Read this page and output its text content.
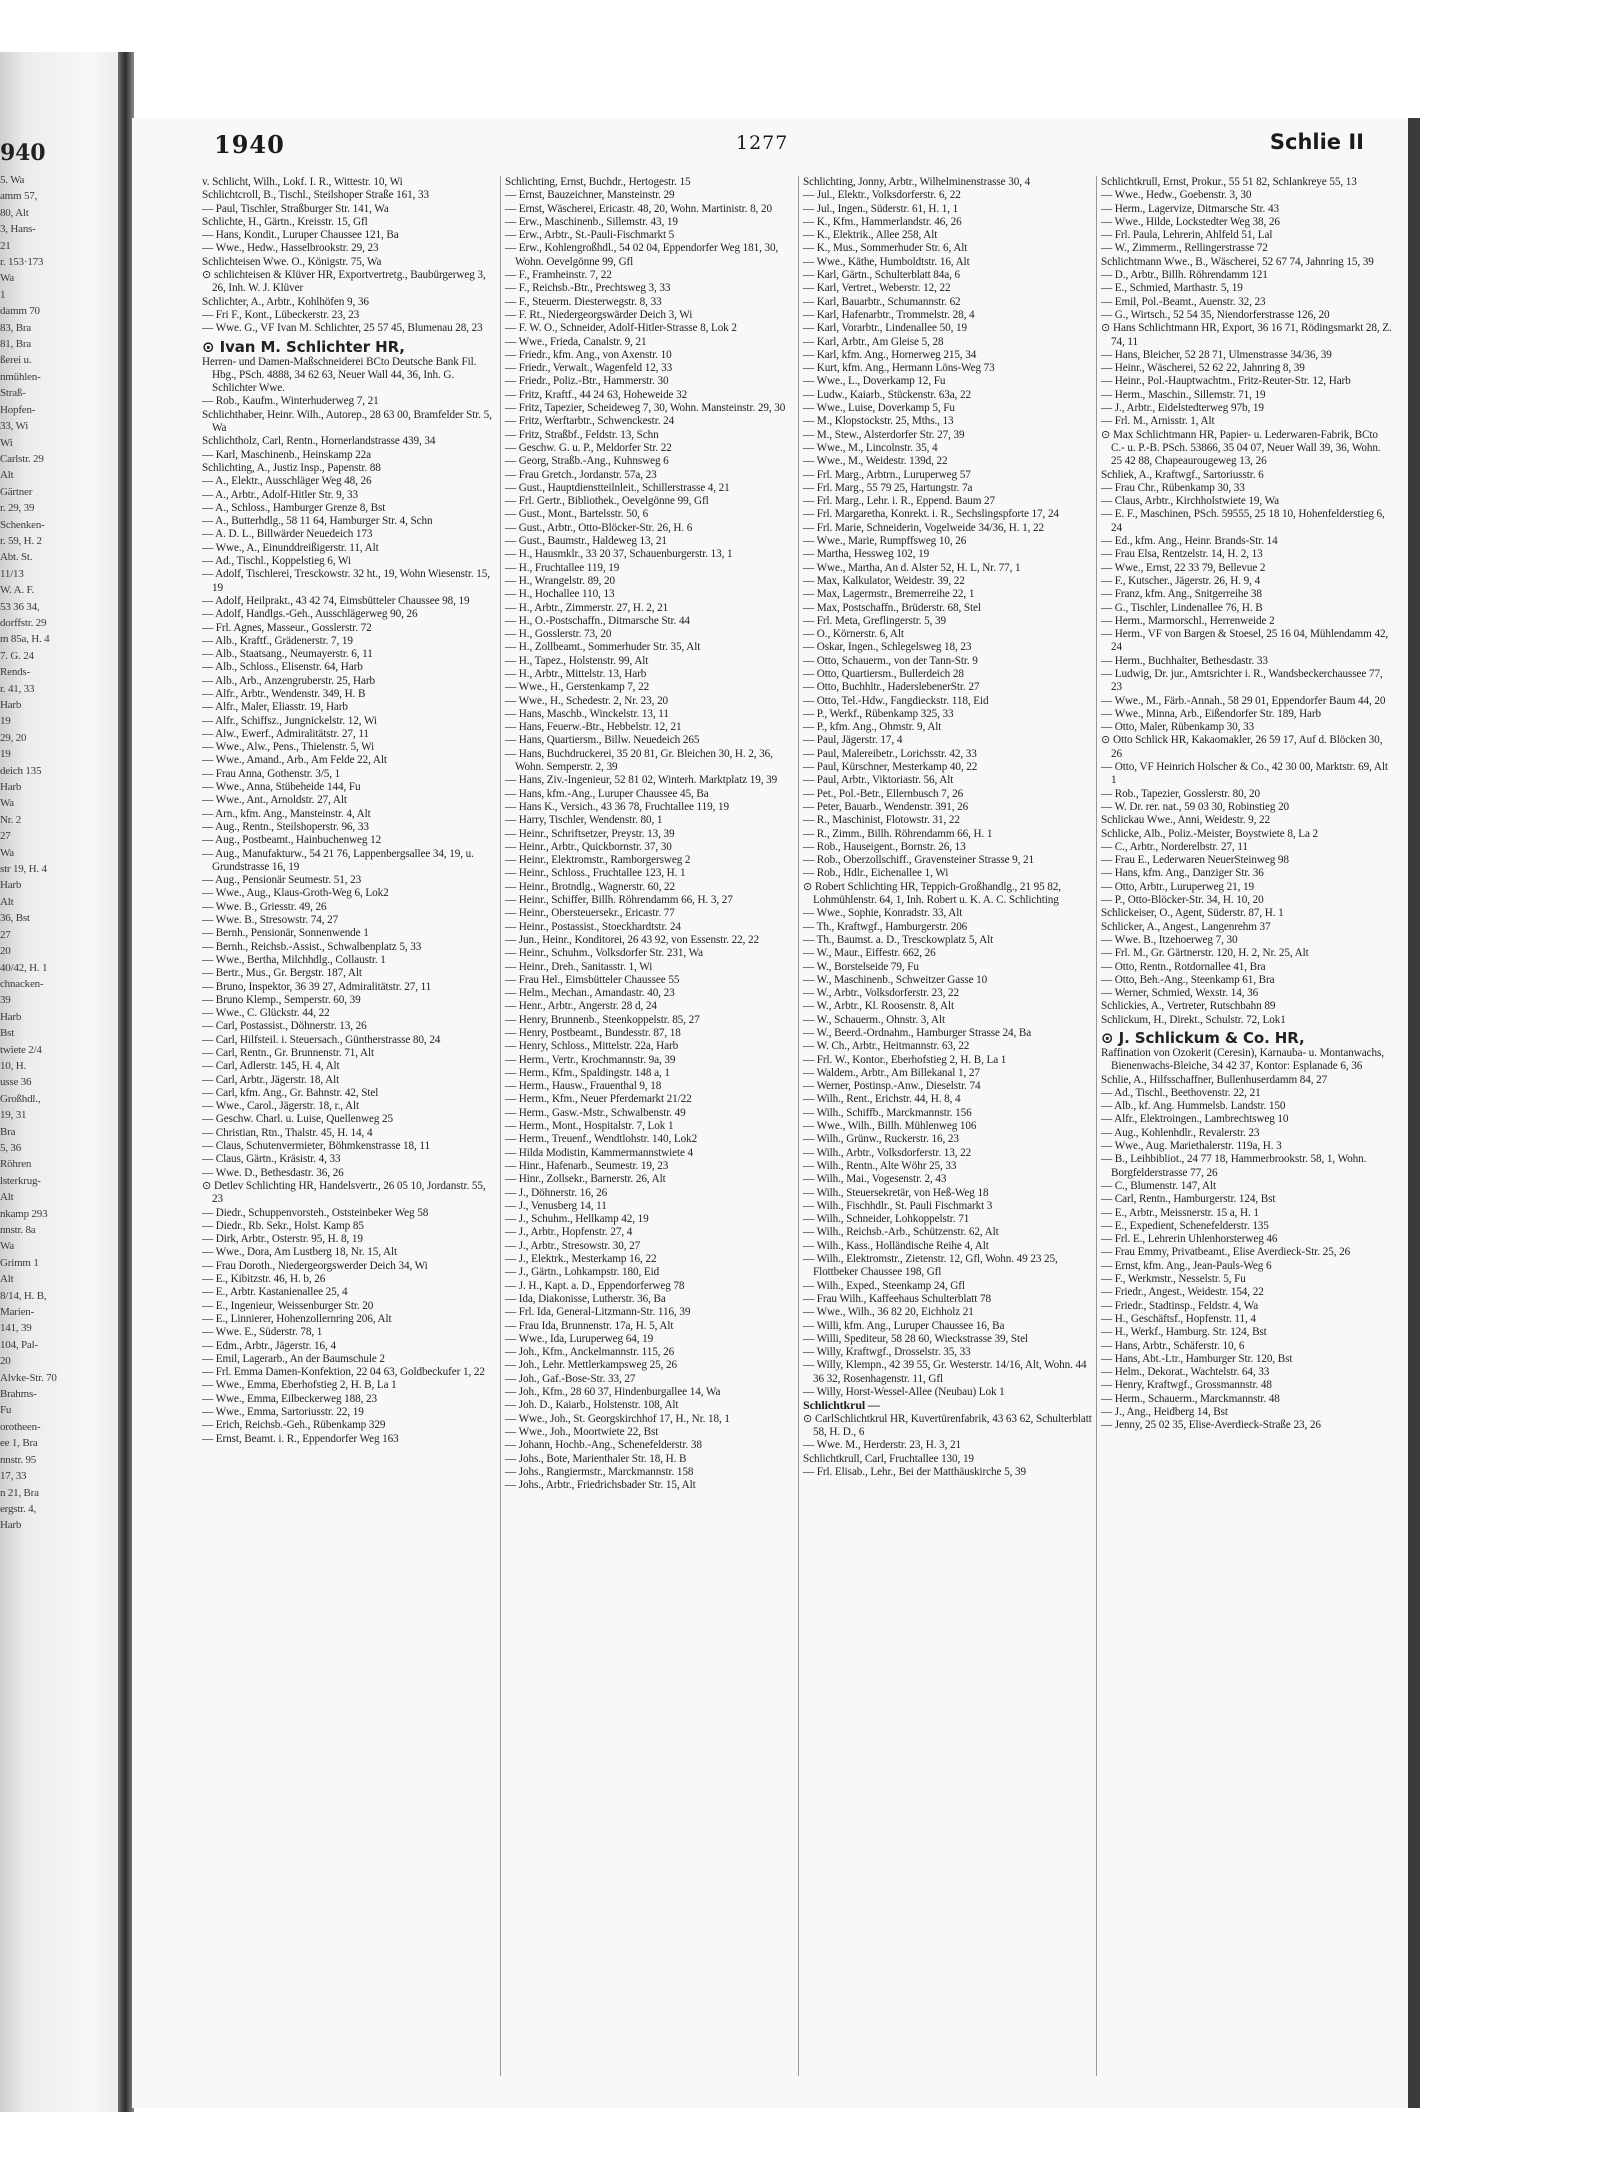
940
5. Wa
amm 57,
80, Alt
3, Hans-
21
r. 153·173
Wa
1
damm 70
83, Bra
81, Bra
ßerei u.
nmühlen-
Straß-
Hopfen-
33, Wi
Wi
Carlstr. 29
Alt
Gärtner
r. 29, 39
Schenken-
r. 59, H. 2
Abt. St.
11/13
W. A. F.
53 36 34,
dorffstr. 29
m 85a, H. 4
7. G. 24
Rends-
r. 41, 33
Harb
19
29, 20
19
deich 135
Harb
Wa
Nr. 2
27
Wa
str 19, H. 4
Harb
Alt
36, Bst
27
20
40/42, H. 1
chnacken-
39
Harb
Bst
twiete 2/4
10, H.
usse 36
Großhdl.,
19, 31
Bra
5, 36
Röhren
lsterkrug-
Alt
nkamp 293
nnstr. 8a
Wa
Grimm 1
Alt
8/14, H. B,
Marien-
141, 39
104, Pal-
20
Alvke-Str. 70
Brahms-
Fu
orotheen-
ee 1, Bra
nnstr. 95
17, 33
n 21, Bra
ergstr. 4,
Harb
1940	1277	Schlie II
v. Schlicht, Wilh., Lokf. I. R., Wittestr. 10, Wi
Schlichtcroll, B., Tischl., Steilshoper Straße 161, 33
— Paul, Tischler, Straßburger Str. 141, Wa
Schlichte, H., Gärtn., Kreisstr. 15, Gfl
— Hans, Kondit., Luruper Chaussee 121, Ba
— Wwe., Hedw., Hasselbrookstr. 29, 23
Schlichteisen Wwe. O., Königstr. 75, Wa
⊙ schlichteisen & Klüver HR, Exportvertretg., Baubürgerweg 3, 26, Inh. W. J. Klüver
Schlichter, A., Arbtr., Kohlhöfen 9, 36
— Fri F., Kont., Lübeckerstr. 23, 23
— Wwe. G., VF Ivan M. Schlichter, 25 57 45, Blumenau 28, 23
⊙ Ivan M. Schlichter HR,
Herren- und Damen-Maßschneiderei BCto Deutsche Bank Fil. Hbg., PSch. 4888, 34 62 63, Neuer Wall 44, 36, Inh. G. Schlichter Wwe.
— Rob., Kaufm., Winterhuderweg 7, 21
Schlichthaber, Heinr. Wilh., Autorep., 28 63 00, Bramfelder Str. 5, Wa
Schlichtholz, Carl, Rentn., Hornerlandstrasse 439, 34
— Karl, Maschinenb., Heinskamp 22a
Schlichting, A., Justiz Insp., Papenstr. 88
— A., Elektr., Ausschläger Weg 48, 26
— A., Arbtr., Adolf-Hitler Str. 9, 33
— A., Schloss., Hamburger Grenze 8, Bst
— A., Butterhdlg., 58 11 64, Hamburger Str. 4, Schn
— A. D. L., Billwärder Neuedeich 173
— Wwe., A., Einunddreißigerstr. 11, Alt
— Ad., Tischl., Koppelstieg 6, Wi
— Adolf, Tischlerei, Tresckowstr. 32 ht., 19, Wohn Wiesenstr. 15, 19
— Adolf, Heilprakt., 43 42 74, Eimsbütteler Chaussee 98, 19
— Adolf, Handlgs.-Geh., Ausschlägerweg 90, 26
— Frl. Agnes, Masseur., Gosslerstr. 72
— Alb., Kraftf., Grädenerstr. 7, 19
— Alb., Staatsang., Neumayerstr. 6, 11
— Alb., Schloss., Elisenstr. 64, Harb
— Alb., Arb., Anzengruberstr. 25, Harb
— Alfr., Arbtr., Wendenstr. 349, H. B
— Alfr., Maler, Eliasstr. 19, Harb
— Alfr., Schiffsz., Jungnickelstr. 12, Wi
— Alw., Ewerf., Admiralitätstr. 27, 11
— Wwe., Alw., Pens., Thielenstr. 5, Wi
— Wwe., Amand., Arb., Am Felde 22, Alt
— Frau Anna, Gothenstr. 3/5, 1
— Wwe., Anna, Stübeheide 144, Fu
— Wwe., Ant., Arnoldstr. 27, Alt
— Arn., kfm. Ang., Mansteinstr. 4, Alt
— Aug., Rentn., Steilshoperstr. 96, 33
— Aug., Postbeamt., Hainbuchenweg 12
— Aug., Manufakturw., 54 21 76, Lappenbergsallee 34, 19, u. Grundstrasse 16, 19
— Aug., Pensionär Seumestr. 51, 23
— Wwe., Aug., Klaus-Groth-Weg 6, Lok2
— Wwe. B., Griesstr. 49, 26
— Wwe. B., Stresowstr. 74, 27
— Bernh., Pensionär, Sonnenwende 1
— Bernh., Reichsb.-Assist., Schwalbenplatz 5, 33
— Wwe., Bertha, Milchhdlg., Collaustr. 1
— Bertr., Mus., Gr. Bergstr. 187, Alt
— Bruno, Inspektor, 36 39 27, Admiralitätstr. 27, 11
— Bruno Klemp., Semperstr. 60, 39
— Wwe., C. Glückstr. 44, 22
— Carl, Postassist., Döhnerstr. 13, 26
— Carl, Hilfsteil. i. Steuersach., Güntherstrasse 80, 24
— Carl, Rentn., Gr. Brunnenstr. 71, Alt
— Carl, Adlerstr. 145, H. 4, Alt
— Carl, Arbtr., Jägerstr. 18, Alt
— Carl, kfm. Ang., Gr. Bahnstr. 42, Stel
— Wwe., Carol., Jägerstr. 18, r., Alt
— Geschw. Charl. u. Luise, Quellenweg 25
— Christian, Rtn., Thalstr. 45, H. 14, 4
— Claus, Schutenvermieter, Böhmkenstrasse 18, 11
— Claus, Gärtn., Kräsistr. 4, 33
— Wwe. D., Bethesdastr. 36, 26
⊙ Detlev Schlichting HR, Handelsvertr., 26 05 10, Jordanstr. 55, 23
— Diedr., Schuppenvorsteh., Oststeinbeker Weg 58
— Diedr., Rb. Sekr., Holst. Kamp 85
— Dirk, Arbtr., Osterstr. 95, H. 8, 19
— Wwe., Dora, Am Lustberg 18, Nr. 15, Alt
— Frau Doroth., Niedergeorgswerder Deich 34, Wi
— E., Kibitzstr. 46, H. b, 26
— E., Arbtr. Kastanienallee 25, 4
— E., Ingenieur, Weissenburger Str. 20
— E., Linnierer, Hohenzollernring 206, Alt
— Wwe. E., Süderstr. 78, 1
— Edm., Arbtr., Jägerstr. 16, 4
— Emil, Lagerarb., An der Baumschule 2
— Frl. Emma Damen-Konfektion, 22 04 63, Goldbeckufer 1, 22
— Wwe., Emma, Eberhofstieg 2, H. B, La 1
— Wwe., Emma, Eilbeckerweg 188, 23
— Wwe., Emma, Sartoriusstr. 22, 19
— Erich, Reichsb.-Geh., Rübenkamp 329
— Ernst, Beamt. i. R., Eppendorfer Weg 163
Schlichting, Ernst, Buchdr., Hertogestr. 15
— Ernst, Bauzeichner, Mansteinstr. 29
— Ernst, Wäscherei, Ericastr. 48, 20, Wohn. Martinistr. 8, 20
— Erw., Maschinenb., Sillemstr. 43, 19
— Erw., Arbtr., St.-Pauli-Fischmarkt 5
— Erw., Kohlengroßhdl., 54 02 04, Eppendorfer Weg 181, 30, Wohn. Oevelgönne 99, Gfl
— F., Framheinstr. 7, 22
— F., Reichsb.-Btr., Prechtsweg 3, 33
— F., Steuerm. Diesterwegstr. 8, 33
— F. Rt., Niedergeorgswärder Deich 3, Wi
— F. W. O., Schneider, Adolf-Hitler-Strasse 8, Lok 2
— Wwe., Frieda, Canalstr. 9, 21
— Friedr., kfm. Ang., von Axenstr. 10
— Friedr., Verwalt., Wagenfeld 12, 33
— Friedr., Poliz.-Btr., Hammerstr. 30
— Fritz, Kraftf., 44 24 63, Hoheweide 32
— Fritz, Tapezier, Scheideweg 7, 30, Wohn. Mansteinstr. 29, 30
— Fritz, Werftarbtr., Schwenckestr. 24
— Fritz, Straßbf., Feldstr. 13, Schn
— Geschw. G. u. P., Meldorfer Str. 22
— Georg, Straßb.-Ang., Kuhnsweg 6
— Frau Gretch., Jordanstr. 57a, 23
— Gust., Hauptdienstteilnleit., Schillerstrasse 4, 21
— Frl. Gertr., Bibliothek., Oevelgönne 99, Gfl
— Gust., Mont., Bartelsstr. 50, 6
— Gust., Arbtr., Otto-Blöcker-Str. 26, H. 6
— Gust., Baumstr., Haldeweg 13, 21
— H., Hausmklr., 33 20 37, Schauenburgerstr. 13, 1
— H., Fruchtallee 119, 19
— H., Wrangelstr. 89, 20
— H., Hochallee 110, 13
— H., Arbtr., Zimmerstr. 27, H. 2, 21
— H., O.-Postschaffn., Ditmarsche Str. 44
— H., Gosslerstr. 73, 20
— H., Zollbeamt., Sommerhuder Str. 35, Alt
— H., Tapez., Holstenstr. 99, Alt
— H., Arbtr., Mittelstr. 13, Harb
— Wwe., H., Gerstenkamp 7, 22
— Wwe., H., Schedestr. 2, Nr. 23, 20
— Hans, Maschb., Winckelstr. 13, 11
— Hans, Feuerw.-Btr., Hebbelstr. 12, 21
— Hans, Quartiersm., Billw. Neuedeich 265
— Hans, Buchdruckerei, 35 20 81, Gr. Bleichen 30, H. 2, 36, Wohn. Semperstr. 2, 39
— Hans, Ziv.-Ingenieur, 52 81 02, Winterh. Marktplatz 19, 39
— Hans, kfm.-Ang., Luruper Chaussee 45, Ba
— Hans K., Versich., 43 36 78, Fruchtallee 119, 19
— Harry, Tischler, Wendenstr. 80, 1
— Heinr., Schriftsetzer, Preystr. 13, 39
— Heinr., Arbtr., Quickbornstr. 37, 30
— Heinr., Elektromstr., Ramborgersweg 2
— Heinr., Schloss., Fruchtallee 123, H. 1
— Heinr., Brotndlg., Wagnerstr. 60, 22
— Heinr., Schiffer, Billh. Röhrendamm 66, H. 3, 27
— Heinr., Obersteuersekr., Ericastr. 77
— Heinr., Postassist., Stoeckhardtstr. 24
— Jun., Heinr., Konditorei, 26 43 92, von Essenstr. 22, 22
— Heinr., Schuhm., Volksdorfer Str. 231, Wa
— Heinr., Dreh., Sanitasstr. 1, Wi
— Frau Hel., Eimsbütteler Chaussee 55
— Helm., Mechan., Amandastr. 40, 23
— Henr., Arbtr., Angerstr. 28 d, 24
— Henry, Brunnenb., Steenkoppelstr. 85, 27
— Henry, Postbeamt., Bundesstr. 87, 18
— Henry, Schloss., Mittelstr. 22a, Harb
— Herm., Vertr., Krochmannstr. 9a, 39
— Herm., Kfm., Spaldingstr. 148 a, 1
— Herm., Hausw., Frauenthal 9, 18
— Herm., Kfm., Neuer Pferdemarkt 21/22
— Herm., Gasw.-Mstr., Schwalbenstr. 49
— Herm., Mont., Hospitalstr. 7, Lok 1
— Herm., Treuenf., Wendtlohstr. 140, Lok2
— Hilda Modistin, Kammermannstwiete 4
— Hinr., Hafenarb., Seumestr. 19, 23
— Hinr., Zollsekr., Barnerstr. 26, Alt
— J., Döhnerstr. 16, 26
— J., Venusberg 14, 11
— J., Schuhm., Hellkamp 42, 19
— J., Arbtr., Hopfenstr. 27, 4
— J., Arbtr., Stresowstr. 30, 27
— J., Elektrk., Mesterkamp 16, 22
— J., Gärtn., Lohkampstr. 180, Eid
— J. H., Kapt. a. D., Eppendorferweg 78
— Ida, Diakonisse, Lutherstr. 36, Ba
— Frl. Ida, General-Litzmann-Str. 116, 39
— Frau Ida, Brunnenstr. 17a, H. 5, Alt
— Wwe., Ida, Luruperweg 64, 19
— Joh., Kfm., Anckelmannstr. 115, 26
— Joh., Lehr. Mettlerkampsweg 25, 26
— Joh., Gaf.-Bose-Str. 33, 27
— Joh., Kfm., 28 60 37, Hindenburgallee 14, Wa
— Joh. D., Kaiarb., Holstenstr. 108, Alt
— Wwe., Joh., St. Georgskirchhof 17, H., Nr. 18, 1
— Wwe., Joh., Moortwiete 22, Bst
— Johann, Hochb.-Ang., Schenefelderstr. 38
— Johs., Bote, Marienthaler Str. 18, H. B
— Johs., Rangiermstr., Marckmannstr. 158
— Johs., Arbtr., Friedrichsbader Str. 15, Alt
Schlichting, Jonny, Arbtr., Wilhelminenstrasse 30, 4
— Jul., Elektr., Volksdorferstr. 6, 22
— Jul., Ingen., Süderstr. 61, H. 1, 1
— K., Kfm., Hammerlandstr. 46, 26
— K., Elektrik., Allee 258, Alt
— K., Mus., Sommerhuder Str. 6, Alt
— Wwe., Käthe, Humboldtstr. 16, Alt
— Karl, Gärtn., Schulterblatt 84a, 6
— Karl, Vertret., Weberstr. 12, 22
— Karl, Bauarbtr., Schumannstr. 62
— Karl, Hafenarbtr., Trommelstr. 28, 4
— Karl, Vorarbtr., Lindenallee 50, 19
— Karl, Arbtr., Am Gleise 5, 28
— Karl, kfm. Ang., Hornerweg 215, 34
— Kurt, kfm. Ang., Hermann Löns-Weg 73
— Wwe., L., Doverkamp 12, Fu
— Ludw., Kaiarb., Stückenstr. 63a, 22
— Wwe., Luise, Doverkamp 5, Fu
— M., Klopstockstr. 25, Mths., 13
— M., Stew., Alsterdorfer Str. 27, 39
— Wwe., M., Lincolnstr. 35, 4
— Wwe., M., Weidestr. 139d, 22
— Frl. Marg., Arbtrn., Luruperweg 57
— Frl. Marg., 55 79 25, Hartungstr. 7a
— Frl. Marg., Lehr. i. R., Eppend. Baum 27
— Frl. Margaretha, Konrekt. i. R., Sechslingspforte 17, 24
— Frl. Marie, Schneiderin, Vogelweide 34/36, H. 1, 22
— Wwe., Marie, Rumpffsweg 10, 26
— Martha, Hessweg 102, 19
— Wwe., Martha, An d. Alster 52, H. L, Nr. 77, 1
— Max, Kalkulator, Weidestr. 39, 22
— Max, Lagermstr., Bremerreihe 22, 1
— Max, Postschaffn., Brüderstr. 68, Stel
— Frl. Meta, Greflingerstr. 5, 39
— O., Körnerstr. 6, Alt
— Oskar, Ingen., Schlegelsweg 18, 23
— Otto, Schauerm., von der Tann-Str. 9
— Otto, Quartiersm., Bullerdeich 28
— Otto, Buchhltr., HaderslebenerStr. 27
— Otto, Tel.-Hdw., Fangdieckstr. 118, Eid
— P., Werkf., Rübenkamp 325, 33
— P., kfm. Ang., Ohmstr. 9, Alt
— Paul, Jägerstr. 17, 4
— Paul, Malereibetr., Lorichsstr. 42, 33
— Paul, Kürschner, Mesterkamp 40, 22
— Paul, Arbtr., Viktoriastr. 56, Alt
— Pet., Pol.-Betr., Ellernbusch 7, 26
— Peter, Bauarb., Wendenstr. 391, 26
— R., Maschinist, Flotowstr. 31, 22
— R., Zimm., Billh. Röhrendamm 66, H. 1
— Rob., Hauseigent., Bornstr. 26, 13
— Rob., Oberzollschiff., Gravensteiner Strasse 9, 21
— Rob., Hdlr., Eichenallee 1, Wi
⊙ Robert Schlichting HR, Teppich-Großhandlg., 21 95 82, Lohmühlenstr. 64, 1, Inh. Robert u. K. A. C. Schlichting
— Wwe., Sophie, Konradstr. 33, Alt
— Th., Kraftwgf., Hamburgerstr. 206
— Th., Baumst. a. D., Tresckowplatz 5, Alt
— W., Maur., Eiffestr. 662, 26
— W., Borstelseide 79, Fu
— W., Maschinenb., Schweitzer Gasse 10
— W., Arbtr., Volksdorferstr. 23, 22
— W., Arbtr., Kl. Roosenstr. 8, Alt
— W., Schauerm., Ohnstr. 3, Alt
— W., Beerd.-Ordnahm., Hamburger Strasse 24, Ba
— W. Ch., Arbtr., Heitmannstr. 63, 22
— Frl. W., Kontor., Eberhofstieg 2, H. B, La 1
— Waldem., Arbtr., Am Billekanal 1, 27
— Werner, Postinsp.-Anw., Dieselstr. 74
— Wilh., Rent., Erichstr. 44, H. 8, 4
— Wilh., Schiffb., Marckmannstr. 156
— Wwe., Wilh., Billh. Mühlenweg 106
— Wilh., Grünw., Ruckerstr. 16, 23
— Wilh., Arbtr., Volksdorferstr. 13, 22
— Wilh., Rentn., Alte Wöhr 25, 33
— Wilh., Mai., Vogesenstr. 2, 43
— Wilh., Steuersekretär, von Heß-Weg 18
— Wilh., Fischhdlr., St. Pauli Fischmarkt 3
— Wilh., Schneider, Lohkoppelstr. 71
— Wilh., Reichsb.-Arb., Schützenstr. 62, Alt
— Wilh., Kass., Holländische Reihe 4, Alt
— Wilh., Elektromstr., Zietenstr. 12, Gfl, Wohn. 49 23 25, Flottbeker Chaussee 198, Gfl
— Wilh., Exped., Steenkamp 24, Gfl
— Frau Wilh., Kaffeehaus Schulterblatt 78
— Wwe., Wilh., 36 82 20, Eichholz 21
— Willi, kfm. Ang., Luruper Chaussee 16, Ba
— Willi, Spediteur, 58 28 60, Wieckstrasse 39, Stel
— Willy, Kraftwgf., Drosselstr. 35, 33
— Willy, Klempn., 42 39 55, Gr. Westerstr. 14/16, Alt, Wohn. 44 36 32, Rosenhagenstr. 11, Gfl
— Willy, Horst-Wessel-Allee (Neubau) Lok 1
Schlichtkrul —
⊙ CarlSchlichtkrul HR, Kuvertürenfabrik, 43 63 62, Schulterblatt 58, H. D., 6
— Wwe. M., Herderstr. 23, H. 3, 21
Schlichtkrull, Carl, Fruchtallee 130, 19
— Frl. Elisab., Lehr., Bei der Matthäuskirche 5, 39
Schlichtkrull, Ernst, Prokur., 55 51 82, Schlankreye 55, 13
— Wwe., Hedw., Goebenstr. 3, 30
— Herm., Lagervize, Ditmarsche Str. 43
— Wwe., Hilde, Lockstedter Weg 38, 26
— Frl. Paula, Lehrerin, Ahlfeld 51, Lal
— W., Zimmerm., Rellingerstrasse 72
Schlichtmann Wwe., B., Wäscherei, 52 67 74, Jahnring 15, 39
— D., Arbtr., Billh. Röhrendamm 121
— E., Schmied, Marthastr. 5, 19
— Emil, Pol.-Beamt., Auenstr. 32, 23
— G., Wirtsch., 52 54 35, Niendorferstrasse 126, 20
⊙ Hans Schlichtmann HR, Export, 36 16 71, Rödingsmarkt 28, Z. 74, 11
— Hans, Bleicher, 52 28 71, Ulmenstrasse 34/36, 39
— Heinr., Wäscherei, 52 62 22, Jahnring 8, 39
— Heinr., Pol.-Hauptwachtm., Fritz-Reuter-Str. 12, Harb
— Herm., Maschin., Sillemstr. 71, 19
— J., Arbtr., Eidelstedterweg 97b, 19
— Frl. M., Arnisstr. 1, Alt
⊙ Max Schlichtmann HR, Papier- u. Lederwaren-Fabrik, BCto C.- u. P.-B. PSch. 53866, 35 04 07, Neuer Wall 39, 36, Wohn. 25 42 88, Chapeaurougeweg 13, 26
Schliek, A., Kraftwgf., Sartoriusstr. 6
— Frau Chr., Rübenkamp 30, 33
— Claus, Arbtr., Kirchholstwiete 19, Wa
— E. F., Maschinen, PSch. 59555, 25 18 10, Hohenfelderstieg 6, 24
— Ed., kfm. Ang., Heinr. Brands-Str. 14
— Frau Elsa, Rentzelstr. 14, H. 2, 13
— Wwe., Ernst, 22 33 79, Bellevue 2
— F., Kutscher., Jägerstr. 26, H. 9, 4
— Franz, kfm. Ang., Snitgerreihe 38
— G., Tischler, Lindenallee 76, H. B
— Herm., Marmorschl., Herrenweide 2
— Herm., VF von Bargen & Stoesel, 25 16 04, Mühlendamm 42, 24
— Herm., Buchhalter, Bethesdastr. 33
— Ludwig, Dr. jur., Amtsrichter i. R., Wandsbeckerchaussee 77, 23
— Wwe., M., Färb.-Annah., 58 29 01, Eppendorfer Baum 44, 20
— Wwe., Minna, Arb., Eißendorfer Str. 189, Harb
— Otto, Maler, Rübenkamp 30, 33
⊙ Otto Schlick HR, Kakaomakler, 26 59 17, Auf d. Blöcken 30, 26
— Otto, VF Heinrich Holscher & Co., 42 30 00, Marktstr. 69, Alt 1
— Rob., Tapezier, Gosslerstr. 80, 20
— W. Dr. rer. nat., 59 03 30, Robinstieg 20
Schlickau Wwe., Anni, Weidestr. 9, 22
Schlicke, Alb., Poliz.-Meister, Boystwiete 8, La 2
— C., Arbtr., Norderelbstr. 27, 11
— Frau E., Lederwaren NeuerSteinweg 98
— Hans, kfm. Ang., Danziger Str. 36
— Otto, Arbtr., Luruperweg 21, 19
— P., Otto-Blöcker-Str. 34, H. 10, 20
Schlickeiser, O., Agent, Süderstr. 87, H. 1
Schlicker, A., Angest., Langenrehm 37
— Wwe. B., Itzehoerweg 7, 30
— Frl. M., Gr. Gärtnerstr. 120, H. 2, Nr. 25, Alt
— Otto, Rentn., Rotdornallee 41, Bra
— Otto, Beh.-Ang., Steenkamp 61, Bra
— Werner, Schmied, Wexstr. 14, 36
Schlickies, A., Vertreter, Rutschbahn 89
Schlickum, H., Direkt., Schulstr. 72, Lok1
⊙ J. Schlickum & Co. HR,
Raffination von Ozokerit (Ceresin), Karnauba- u. Montanwachs, Bienenwachs-Bleiche, 34 42 37, Kontor: Esplanade 6, 36
Schlie, A., Hilfsschaffner, Bullenhuserdamm 84, 27
— Ad., Tischl., Beethovenstr. 22, 21
— Alb., kf. Ang. Hummelsb. Landstr. 150
— Alfr., Elektroingen., Lambrechtsweg 10
— Aug., Kohlenhdlr., Revalerstr. 23
— Wwe., Aug. Mariethalerstr. 119a, H. 3
— B., Leihbibliot., 24 77 18, Hammerbrookstr. 58, 1, Wohn. Borgfelderstrasse 77, 26
— C., Blumenstr. 147, Alt
— Carl, Rentn., Hamburgerstr. 124, Bst
— E., Arbtr., Meissnerstr. 15 a, H. 1
— E., Expedient, Schenefelderstr. 135
— Frl. E., Lehrerin Uhlenhorsterweg 46
— Frau Emmy, Privatbeamt., Elise Averdieck-Str. 25, 26
— Ernst, kfm. Ang., Jean-Pauls-Weg 6
— F., Werkmstr., Nesselstr. 5, Fu
— Friedr., Angest., Weidestr. 154, 22
— Friedr., Stadtinsp., Feldstr. 4, Wa
— H., Geschäftsf., Hopfenstr. 11, 4
— H., Werkf., Hamburg. Str. 124, Bst
— Hans, Arbtr., Schäferstr. 10, 6
— Hans, Abt.-Ltr., Hamburger Str. 120, Bst
— Helm., Dekorat., Wachtelstr. 64, 33
— Henry, Kraftwgf., Grossmannstr. 48
— Herm., Schauerm., Marckmannstr. 48
— J., Ang., Heidberg 14, Bst
— Jenny, 25 02 35, Elise-Averdieck-Straße 23, 26
